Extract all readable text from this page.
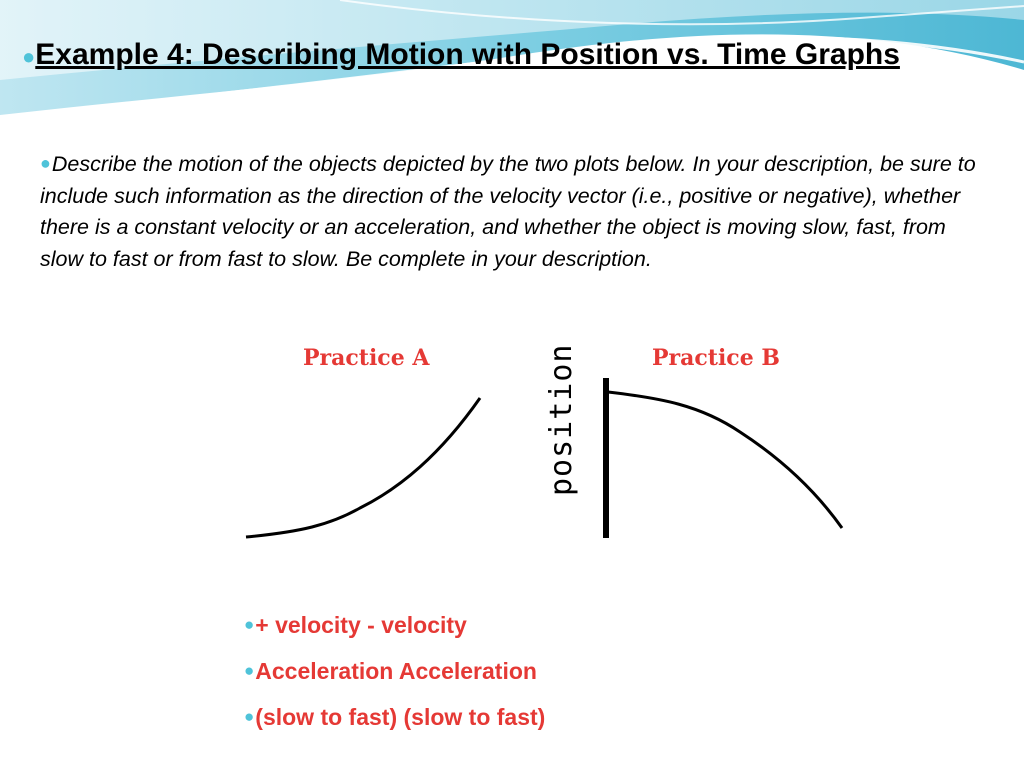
●Example 4: Describing Motion with Position vs. Time Graphs
●Describe the motion of the objects depicted by the two plots below. In your description, be sure to include such information as the direction of the velocity vector (i.e., positive or negative), whether there is a constant velocity or an acceleration, and whether the object is moving slow, fast, from slow to fast or from fast to slow. Be complete in your description.
Practice A	Practice B
position
●+ velocity - velocity
●Acceleration Acceleration
●(slow to fast) (slow to fast)
